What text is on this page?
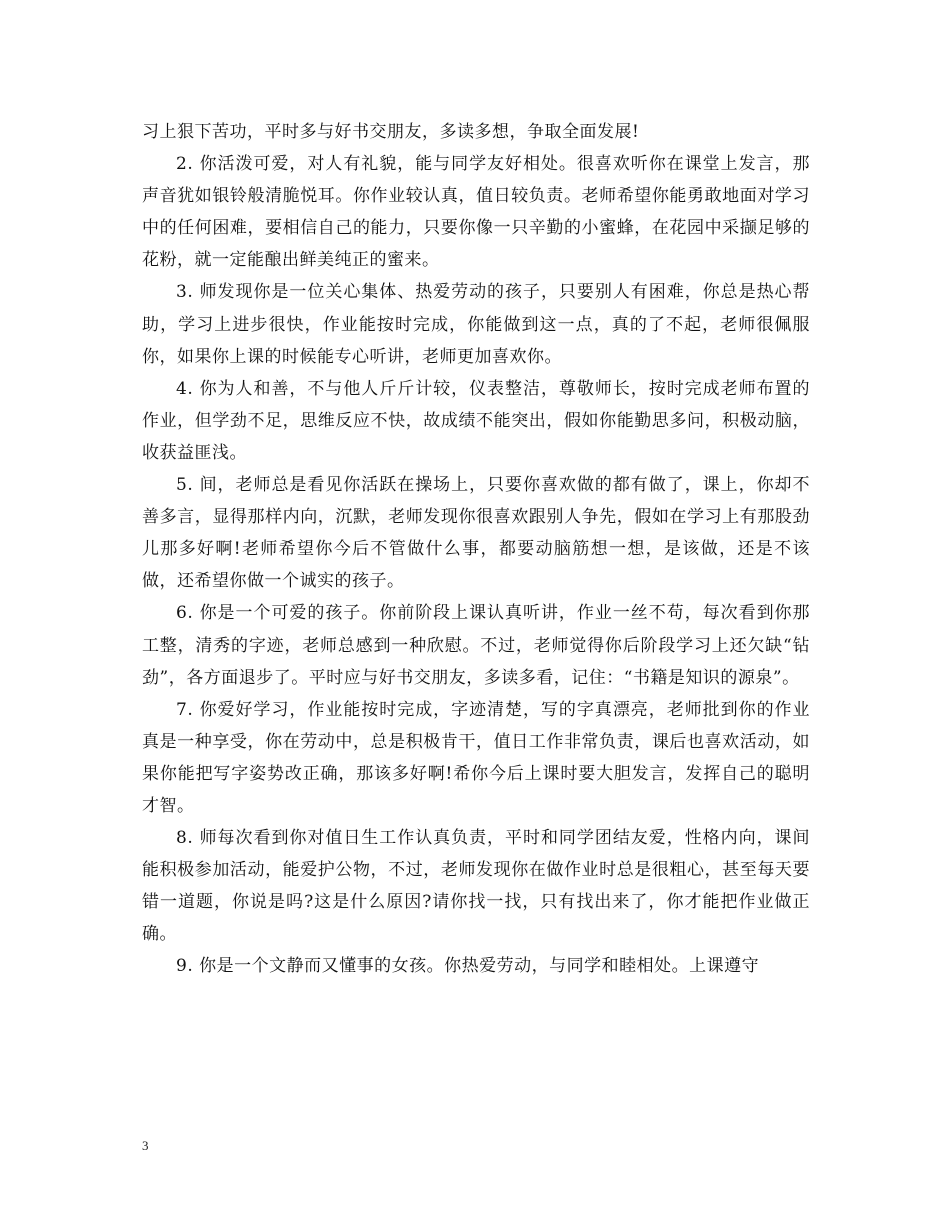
习上狠下苦功，平时多与好书交朋友，多读多想，争取全面发展!

2. 你活泼可爱，对人有礼貌，能与同学友好相处。很喜欢听你在课堂上发言，那声音犹如银铃般清脆悦耳。你作业较认真，值日较负责。老师希望你能勇敢地面对学习中的任何困难，要相信自己的能力，只要你像一只辛勤的小蜜蜂，在花园中采撷足够的花粉，就一定能酿出鲜美纯正的蜜来。

3. 师发现你是一位关心集体、热爱劳动的孩子，只要别人有困难，你总是热心帮助，学习上进步很快，作业能按时完成，你能做到这一点，真的了不起，老师很佩服你，如果你上课的时候能专心听讲，老师更加喜欢你。

4. 你为人和善，不与他人斤斤计较，仪表整洁，尊敬师长，按时完成老师布置的作业，但学劲不足，思维反应不快，故成绩不能突出，假如你能勤思多问，积极动脑，收获益匪浅。

5. 间，老师总是看见你活跃在操场上，只要你喜欢做的都有做了，课上，你却不善多言，显得那样内向，沉默，老师发现你很喜欢跟别人争先，假如在学习上有那股劲儿那多好啊!老师希望你今后不管做什么事，都要动脑筋想一想，是该做，还是不该做，还希望你做一个诚实的孩子。

6. 你是一个可爱的孩子。你前阶段上课认真听讲，作业一丝不苟，每次看到你那工整，清秀的字迹，老师总感到一种欣慰。不过，老师觉得你后阶段学习上还欠缺“钻劲”，各方面退步了。平时应与好书交朋友，多读多看，记住：“书籍是知识的源泉”。

7. 你爱好学习，作业能按时完成，字迹清楚，写的字真漂亮，老师批到你的作业真是一种享受，你在劳动中，总是积极肯干，值日工作非常负责，课后也喜欢活动，如果你能把写字姿势改正确，那该多好啊!希你今后上课时要大胆发言，发挥自己的聪明才智。

8. 师每次看到你对值日生工作认真负责，平时和同学团结友爱，性格内向，课间能积极参加活动，能爱护公物，不过，老师发现你在做作业时总是很粗心，甚至每天要错一道题，你说是吗?这是什么原因?请你找一找，只有找出来了，你才能把作业做正确。

9. 你是一个文静而又懂事的女孩。你热爱劳动，与同学和睦相处。上课遵守

3
